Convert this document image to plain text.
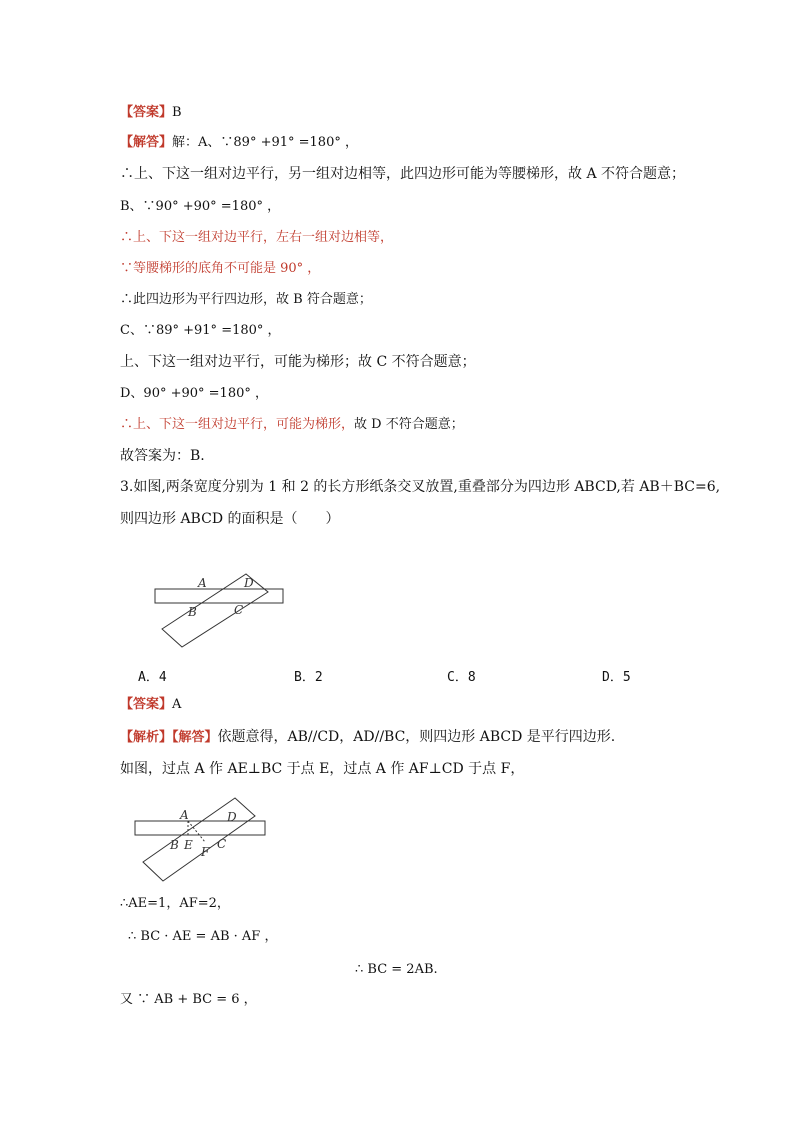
【答案】B
【解答】解：A、∵89° +91° =180° ，
∴上、下这一组对边平行，另一组对边相等，此四边形可能为等腰梯形，故 A 不符合题意；
B、∵90° +90° =180° ，
∴上、下这一组对边平行，左右一组对边相等，
∵等腰梯形的底角不可能是 90° ，
∴此四边形为平行四边形，故 B 符合题意；
C、∵89° +91° =180° ，
上、下这一组对边平行，可能为梯形；故 C 不符合题意；
D、90° +90° =180° ，
∴上、下这一组对边平行，可能为梯形，故 D 不符合题意；
故答案为：B.
3.如图,两条宽度分别为 1 和 2 的长方形纸条交叉放置,重叠部分为四边形 ABCD,若 AB＋BC=6,
则四边形 ABCD 的面积是（　　）
A	D
B	C
A．4	B．2	C．8	D．5
【答案】A
【解析】【解答】依题意得，AB//CD，AD//BC，则四边形 ABCD 是平行四边形.
如图，过点 A 作 AE⊥BC 于点 E，过点 A 作 AF⊥CD 于点 F，
A	D
B E F
C
∴AE=1，AF=2，
∴ BC · AE = AB · AF ，
∴ BC = 2AB.
又 ∵ AB + BC = 6 ，
